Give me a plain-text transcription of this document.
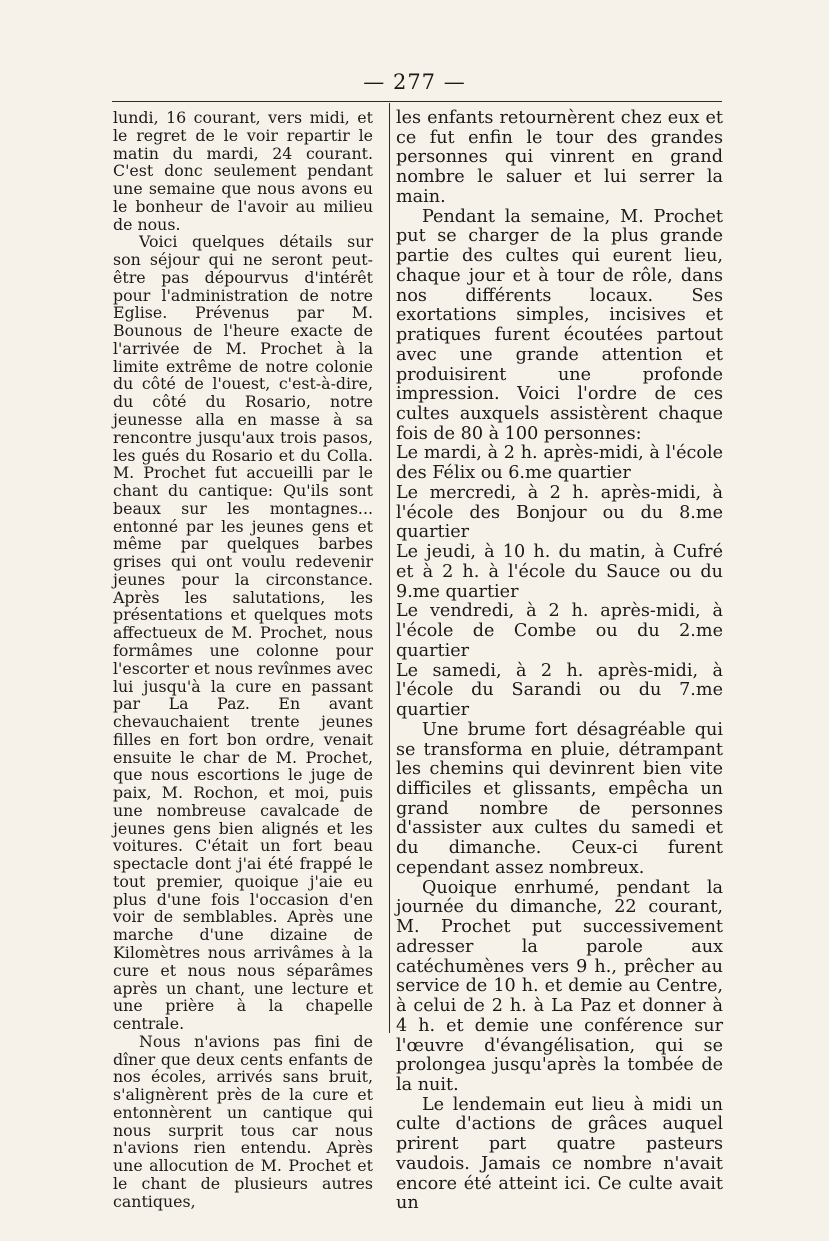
— 277 —

lundi, 16 courant, vers midi, et le regret de le voir repartir le matin du mardi, 24 courant. C'est donc seulement pendant une semaine que nous avons eu le bonheur de l'avoir au milieu de nous.

Voici quelques détails sur son séjour qui ne seront peut-être pas dépourvus d'intérêt pour l'administration de notre Eglise. Prévenus par M. Bounous de l'heure exacte de l'arrivée de M. Prochet à la limite extrême de notre colonie du côté de l'ouest, c'est-à-dire, du côté du Rosario, notre jeunesse alla en masse à sa rencontre jusqu'aux trois pasos, les gués du Rosario et du Colla. M. Prochet fut accueilli par le chant du cantique: Qu'ils sont beaux sur les montagnes... entonné par les jeunes gens et même par quelques barbes grises qui ont voulu redevenir jeunes pour la circonstance. Après les salutations, les présentations et quelques mots affectueux de M. Prochet, nous formâmes une colonne pour l'escorter et nous revînmes avec lui jusqu'à la cure en passant par La Paz. En avant chevauchaient trente jeunes filles en fort bon ordre, venait ensuite le char de M. Prochet, que nous escortions le juge de paix, M. Rochon, et moi, puis une nombreuse cavalcade de jeunes gens bien alignés et les voitures. C'était un fort beau spectacle dont j'ai été frappé le tout premier, quoique j'aie eu plus d'une fois l'occasion d'en voir de semblables. Après une marche d'une dizaine de Kilomètres nous arrivâmes à la cure et nous nous séparâmes après un chant, une lecture et une prière à la chapelle centrale.

Nous n'avions pas fini de dîner que deux cents enfants de nos écoles, arrivés sans bruit, s'alignèrent près de la cure et entonnèrent un cantique qui nous surprit tous car nous n'avions rien entendu. Après une allocution de M. Prochet et le chant de plusieurs autres cantiques,

les enfants retournèrent chez eux et ce fut enfin le tour des grandes personnes qui vinrent en grand nombre le saluer et lui serrer la main.

Pendant la semaine, M. Prochet put se charger de la plus grande partie des cultes qui eurent lieu, chaque jour et à tour de rôle, dans nos différents locaux. Ses exortations simples, incisives et pratiques furent écoutées partout avec une grande attention et produisirent une profonde impression. Voici l'ordre de ces cultes auxquels assistèrent chaque fois de 80 à 100 personnes:

Le mardi, à 2 h. après-midi, à l'école des Félix ou 6.me quartier

Le mercredi, à 2 h. après-midi, à l'école des Bonjour ou du 8.me quartier

Le jeudi, à 10 h. du matin, à Cufré et à 2 h. à l'école du Sauce ou du 9.me quartier

Le vendredi, à 2 h. après-midi, à l'école de Combe ou du 2.me quartier

Le samedi, à 2 h. après-midi, à l'école du Sarandi ou du 7.me quartier

Une brume fort désagréable qui se transforma en pluie, détrampant les chemins qui devinrent bien vite difficiles et glissants, empêcha un grand nombre de personnes d'assister aux cultes du samedi et du dimanche. Ceux-ci furent cependant assez nombreux.

Quoique enrhumé, pendant la journée du dimanche, 22 courant, M. Prochet put successivement adresser la parole aux catéchumènes vers 9 h., prêcher au service de 10 h. et demie au Centre, à celui de 2 h. à La Paz et donner à 4 h. et demie une conférence sur l'œuvre d'évangélisation, qui se prolongea jusqu'après la tombée de la nuit.

Le lendemain eut lieu à midi un culte d'actions de grâces auquel prirent part quatre pasteurs vaudois. Jamais ce nombre n'avait encore été atteint ici. Ce culte avait un
